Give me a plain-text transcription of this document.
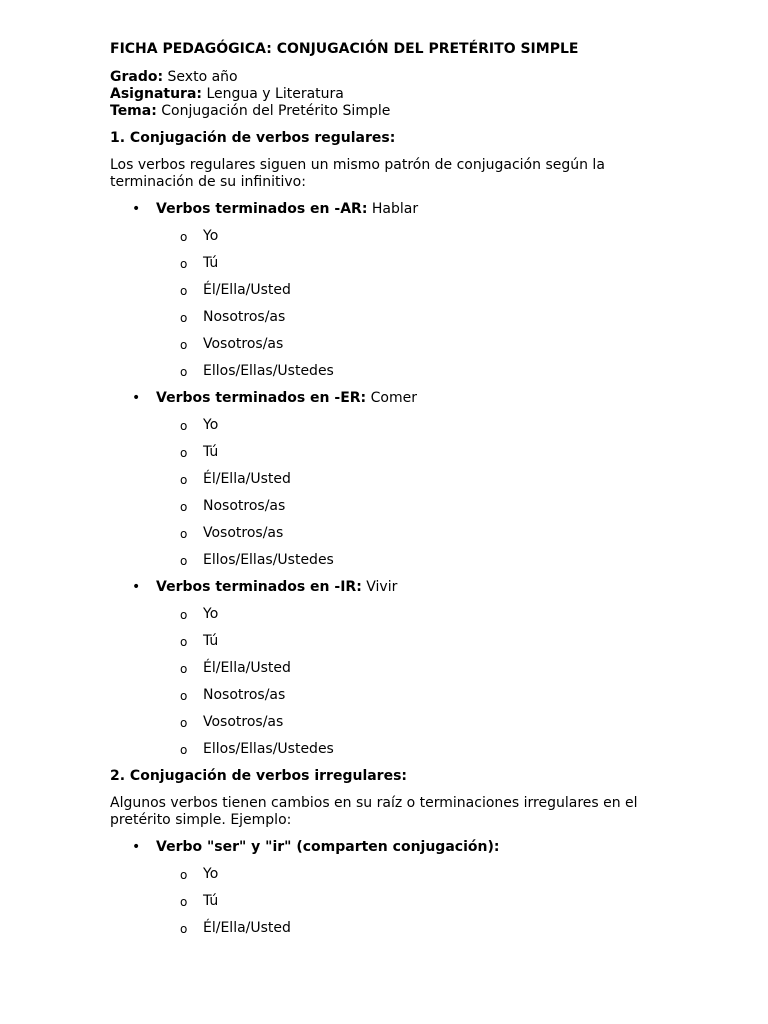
FICHA PEDAGÓGICA: CONJUGACIÓN DEL PRETÉRITO SIMPLE
Grado: Sexto año
Asignatura: Lengua y Literatura
Tema: Conjugación del Pretérito Simple
1. Conjugación de verbos regulares:
Los verbos regulares siguen un mismo patrón de conjugación según la terminación de su infinitivo:
• Verbos terminados en -AR: Hablar
o Yo
o Tú
o Él/Ella/Usted
o Nosotros/as
o Vosotros/as
o Ellos/Ellas/Ustedes
• Verbos terminados en -ER: Comer
o Yo
o Tú
o Él/Ella/Usted
o Nosotros/as
o Vosotros/as
o Ellos/Ellas/Ustedes
• Verbos terminados en -IR: Vivir
o Yo
o Tú
o Él/Ella/Usted
o Nosotros/as
o Vosotros/as
o Ellos/Ellas/Ustedes
2. Conjugación de verbos irregulares:
Algunos verbos tienen cambios en su raíz o terminaciones irregulares en el pretérito simple. Ejemplo:
• Verbo "ser" y "ir" (comparten conjugación):
o Yo
o Tú
o Él/Ella/Usted
